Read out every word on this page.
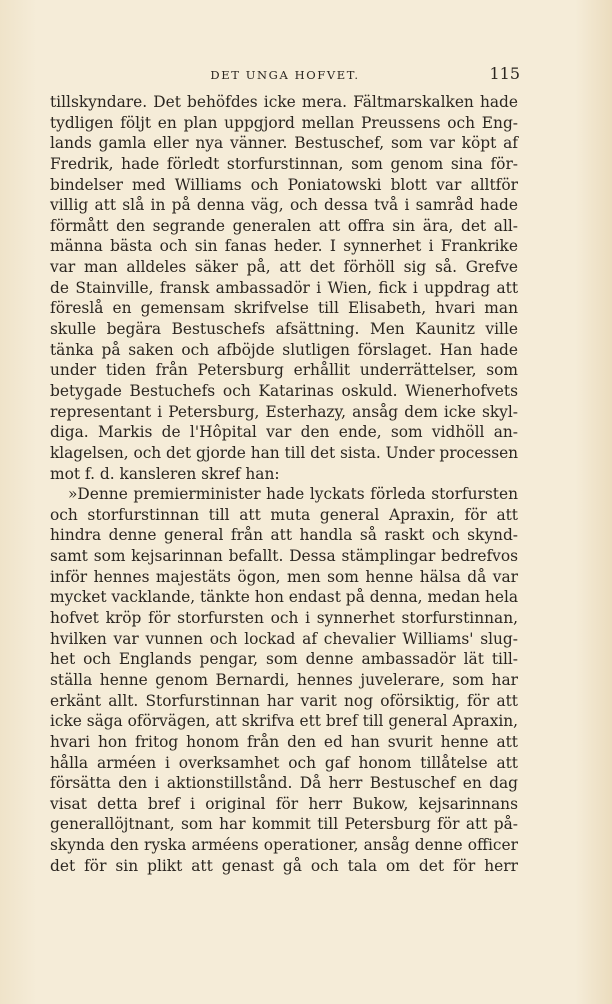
DET UNGA HOFVET.	115
tillskyndare. Det behöfdes icke mera. Fältmarskalken hade
tydligen följt en plan uppgjord mellan Preussens och Eng-
lands gamla eller nya vänner. Bestuschef, som var köpt af
Fredrik, hade förledt storfurstinnan, som genom sina för-
bindelser med Williams och Poniatowski blott var alltför
villig att slå in på denna väg, och dessa två i samråd hade
förmått den segrande generalen att offra sin ära, det all-
männa bästa och sin fanas heder. I synnerhet i Frankrike
var man alldeles säker på, att det förhöll sig så. Grefve
de Stainville, fransk ambassadör i Wien, fick i uppdrag att
föreslå en gemensam skrifvelse till Elisabeth, hvari man
skulle begära Bestuschefs afsättning. Men Kaunitz ville
tänka på saken och afböjde slutligen förslaget. Han hade
under tiden från Petersburg erhållit underrättelser, som
betygade Bestuchefs och Katarinas oskuld. Wienerhofvets
representant i Petersburg, Esterhazy, ansåg dem icke skyl-
diga. Markis de l'Hôpital var den ende, som vidhöll an-
klagelsen, och det gjorde han till det sista. Under processen
mot f. d. kansleren skref han:
»Denne premierminister hade lyckats förleda storfursten
och storfurstinnan till att muta general Apraxin, för att
hindra denne general från att handla så raskt och skynd-
samt som kejsarinnan befallt. Dessa stämplingar bedrefvos
inför hennes majestäts ögon, men som henne hälsa då var
mycket vacklande, tänkte hon endast på denna, medan hela
hofvet kröp för storfursten och i synnerhet storfurstinnan,
hvilken var vunnen och lockad af chevalier Williams' slug-
het och Englands pengar, som denne ambassadör lät till-
ställa henne genom Bernardi, hennes juvelerare, som har
erkänt allt. Storfurstinnan har varit nog oförsiktig, för att
icke säga oförvägen, att skrifva ett bref till general Apraxin,
hvari hon fritog honom från den ed han svurit henne att
hålla arméen i overksamhet och gaf honom tillåtelse att
försätta den i aktionstillstånd. Då herr Bestuschef en dag
visat detta bref i original för herr Bukow, kejsarinnans
generallöjtnant, som har kommit till Petersburg för att på-
skynda den ryska arméens operationer, ansåg denne officer
det för sin plikt att genast gå och tala om det för herr
